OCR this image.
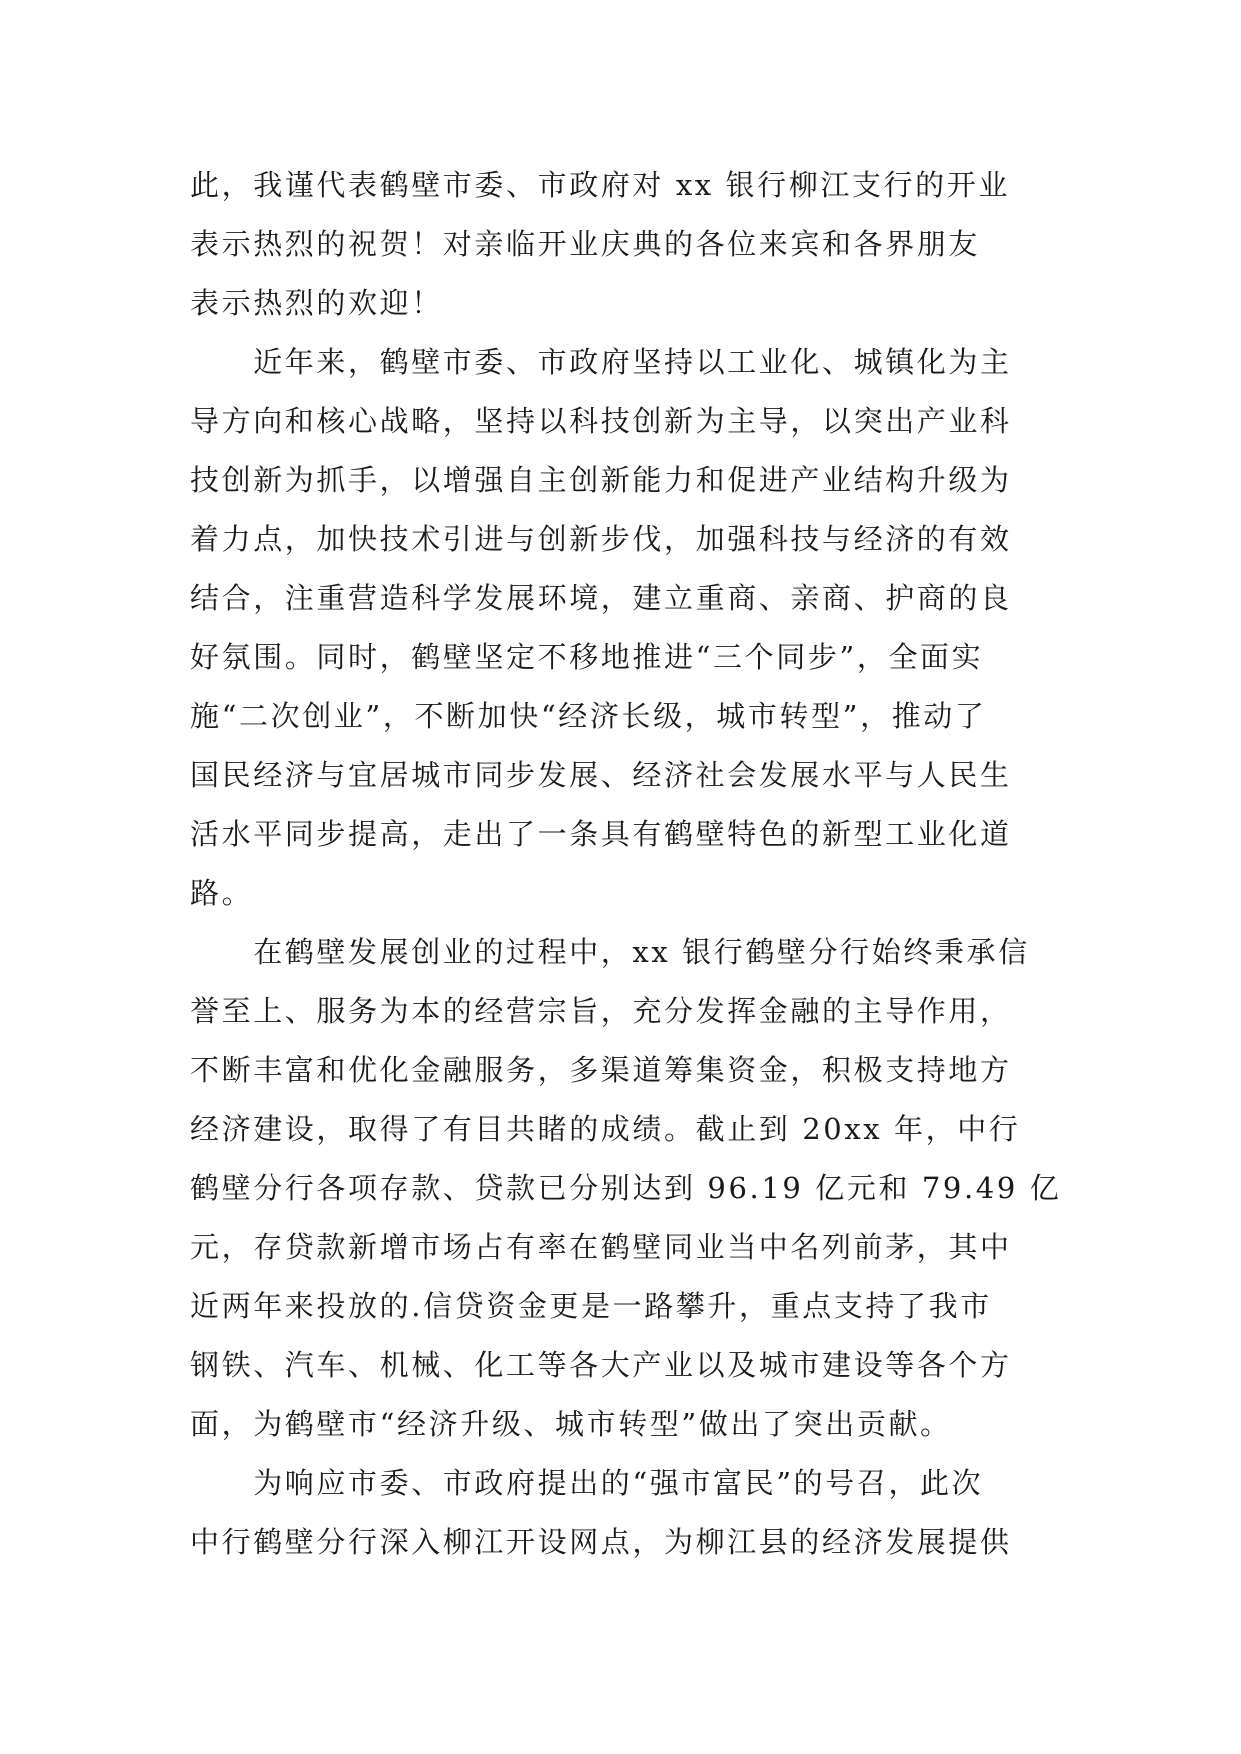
此，我谨代表鹤壁市委、市政府对 xx 银行柳江支行的开业
表示热烈的祝贺！对亲临开业庆典的各位来宾和各界朋友
表示热烈的欢迎！
　　近年来，鹤壁市委、市政府坚持以工业化、城镇化为主
导方向和核心战略，坚持以科技创新为主导，以突出产业科
技创新为抓手，以增强自主创新能力和促进产业结构升级为
着力点，加快技术引进与创新步伐，加强科技与经济的有效
结合，注重营造科学发展环境，建立重商、亲商、护商的良
好氛围。同时，鹤壁坚定不移地推进“三个同步”，全面实
施“二次创业”，不断加快“经济长级，城市转型”，推动了
国民经济与宜居城市同步发展、经济社会发展水平与人民生
活水平同步提高，走出了一条具有鹤壁特色的新型工业化道
路。
　　在鹤壁发展创业的过程中，xx 银行鹤壁分行始终秉承信
誉至上、服务为本的经营宗旨，充分发挥金融的主导作用，
不断丰富和优化金融服务，多渠道筹集资金，积极支持地方
经济建设，取得了有目共睹的成绩。截止到 20xx 年，中行
鹤壁分行各项存款、贷款已分别达到 96.19 亿元和 79.49 亿
元，存贷款新增市场占有率在鹤壁同业当中名列前茅，其中
近两年来投放的.信贷资金更是一路攀升，重点支持了我市
钢铁、汽车、机械、化工等各大产业以及城市建设等各个方
面，为鹤壁市“经济升级、城市转型”做出了突出贡献。
　　为响应市委、市政府提出的“强市富民”的号召，此次
中行鹤壁分行深入柳江开设网点，为柳江县的经济发展提供
